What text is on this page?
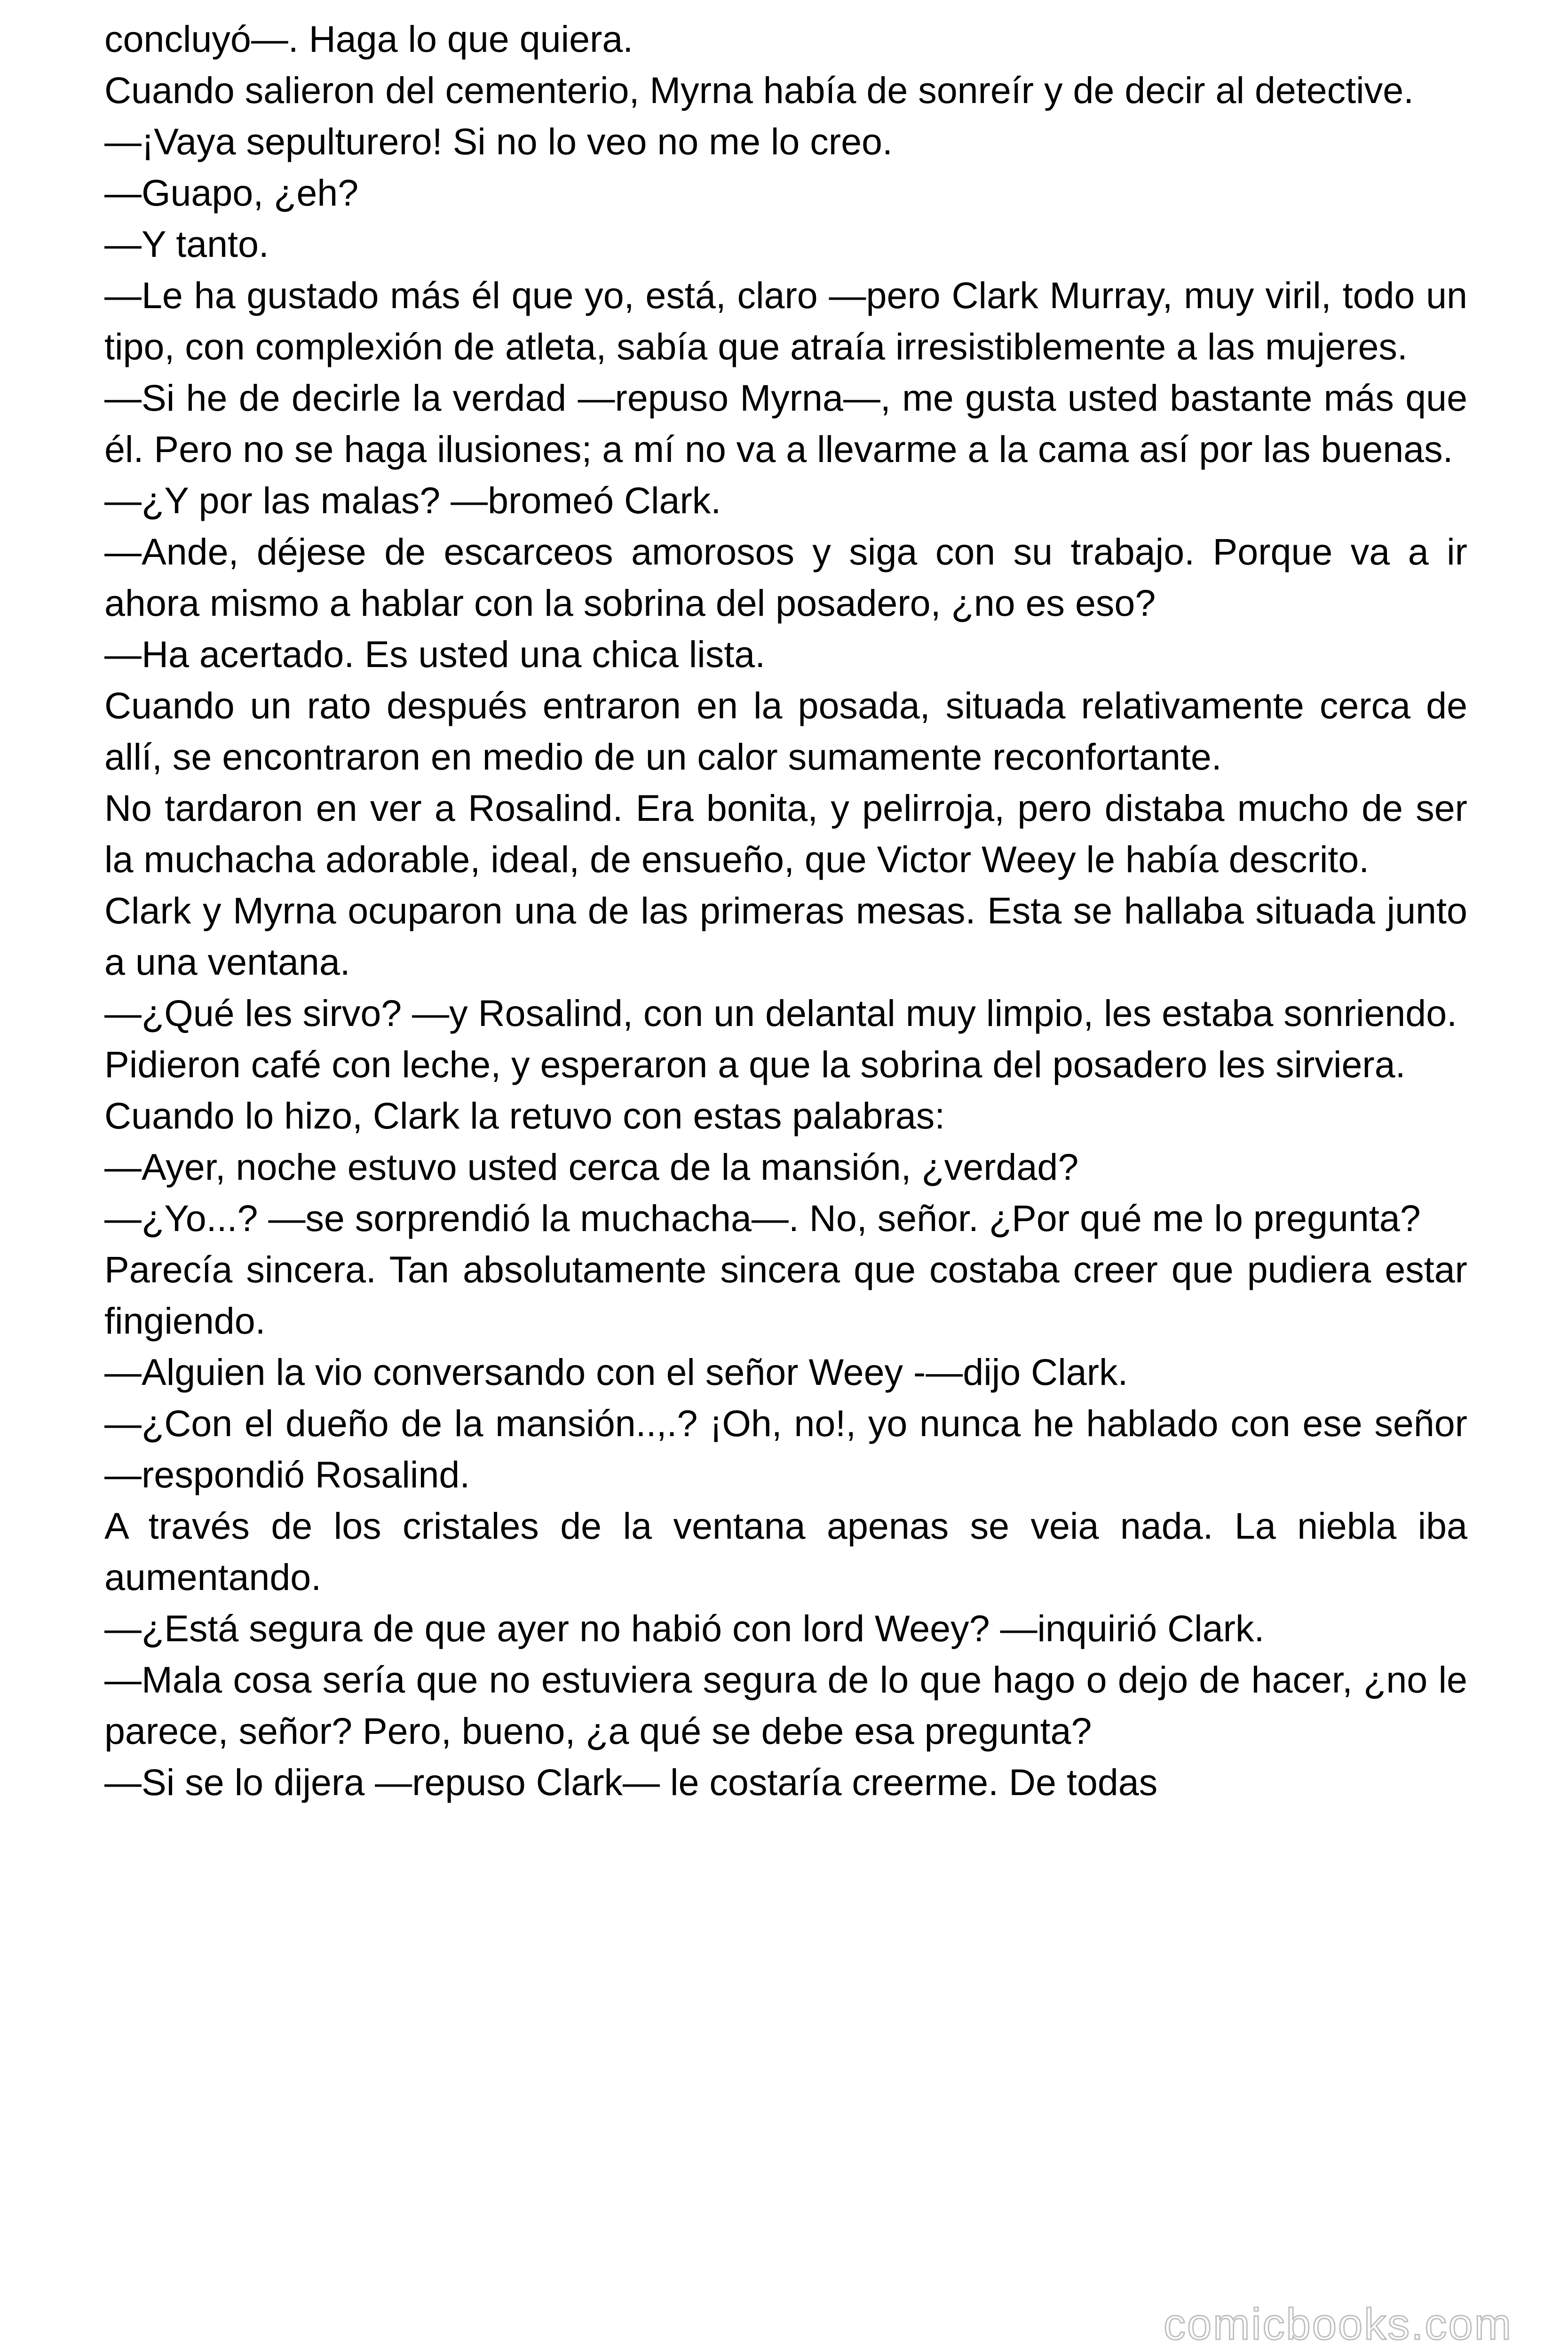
concluyó—. Haga lo que quiera.

Cuando salieron del cementerio, Myrna había de sonreír y de decir al detective.

—¡Vaya sepulturero! Si no lo veo no me lo creo.

—Guapo, ¿eh?

—Y tanto.

—Le ha gustado más él que yo, está, claro —pero Clark Murray, muy viril, todo un tipo, con complexión de atleta, sabía que atraía irresistiblemente a las mujeres.

—Si he de decirle la verdad —repuso Myrna—, me gusta usted bastante más que él. Pero no se haga ilusiones; a mí no va a llevarme a la cama así por las buenas.

—¿Y por las malas? —bromeó Clark.

—Ande, déjese de escarceos amorosos y siga con su trabajo. Porque va a ir ahora mismo a hablar con la sobrina del posadero, ¿no es eso?

—Ha acertado. Es usted una chica lista.

Cuando un rato después entraron en la posada, situada relativamente cerca de allí, se encontraron en medio de un calor sumamente reconfortante.

No tardaron en ver a Rosalind. Era bonita, y pelirroja, pero distaba mucho de ser la muchacha adorable, ideal, de ensueño, que Victor Weey le había descrito.

Clark y Myrna ocuparon una de las primeras mesas. Esta se hallaba situada junto a una ventana.

—¿Qué les sirvo? —y Rosalind, con un delantal muy limpio, les estaba sonriendo.

Pidieron café con leche, y esperaron a que la sobrina del posadero les sirviera.

Cuando lo hizo, Clark la retuvo con estas palabras:

—Ayer, noche estuvo usted cerca de la mansión, ¿verdad?

—¿Yo...? —se sorprendió la muchacha—. No, señor. ¿Por qué me lo pregunta?

Parecía sincera. Tan absolutamente sincera que costaba creer que pudiera estar fingiendo.

—Alguien la vio conversando con el señor Weey -—dijo Clark.

—¿Con el dueño de la mansión..,.? ¡Oh, no!, yo nunca he hablado con ese señor —respondió Rosalind.

A través de los cristales de la ventana apenas se veia nada. La niebla iba aumentando.

—¿Está segura de que ayer no habió con lord Weey? —inquirió Clark.

—Mala cosa sería que no estuviera segura de lo que hago o dejo de hacer, ¿no le parece, señor? Pero, bueno, ¿a qué se debe esa pregunta?

—Si se lo dijera —repuso Clark— le costaría creerme. De todas

comicbooks.com
